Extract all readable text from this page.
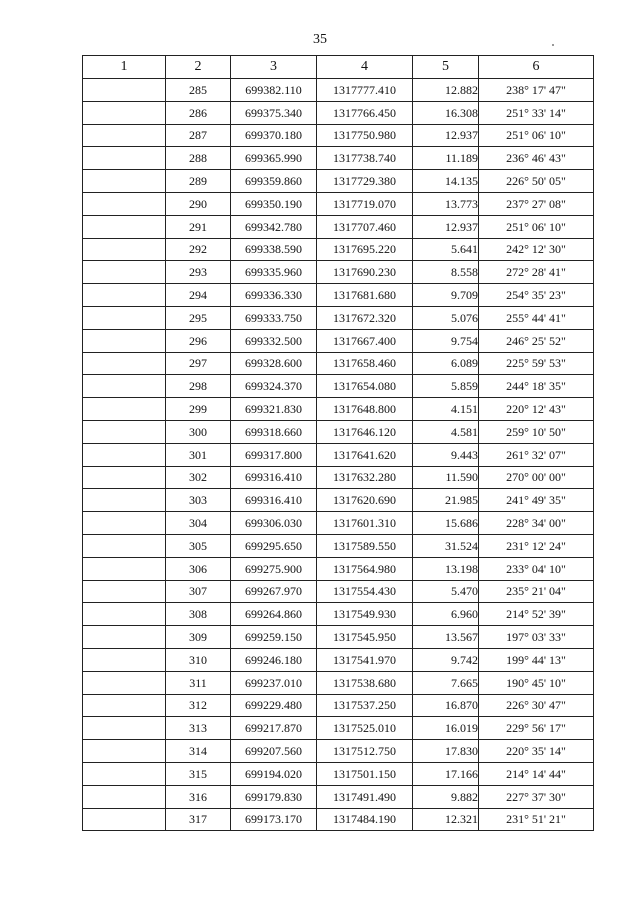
35
1	2	3	4	5	6
	285	699382.110	1317777.410	12.882	238° 17' 47"
	286	699375.340	1317766.450	16.308	251° 33' 14"
	287	699370.180	1317750.980	12.937	251° 06' 10"
	288	699365.990	1317738.740	11.189	236° 46' 43"
	289	699359.860	1317729.380	14.135	226° 50' 05"
	290	699350.190	1317719.070	13.773	237° 27' 08"
	291	699342.780	1317707.460	12.937	251° 06' 10"
	292	699338.590	1317695.220	5.641	242° 12' 30"
	293	699335.960	1317690.230	8.558	272° 28' 41"
	294	699336.330	1317681.680	9.709	254° 35' 23"
	295	699333.750	1317672.320	5.076	255° 44' 41"
	296	699332.500	1317667.400	9.754	246° 25' 52"
	297	699328.600	1317658.460	6.089	225° 59' 53"
	298	699324.370	1317654.080	5.859	244° 18' 35"
	299	699321.830	1317648.800	4.151	220° 12' 43"
	300	699318.660	1317646.120	4.581	259° 10' 50"
	301	699317.800	1317641.620	9.443	261° 32' 07"
	302	699316.410	1317632.280	11.590	270° 00' 00"
	303	699316.410	1317620.690	21.985	241° 49' 35"
	304	699306.030	1317601.310	15.686	228° 34' 00"
	305	699295.650	1317589.550	31.524	231° 12' 24"
	306	699275.900	1317564.980	13.198	233° 04' 10"
	307	699267.970	1317554.430	5.470	235° 21' 04"
	308	699264.860	1317549.930	6.960	214° 52' 39"
	309	699259.150	1317545.950	13.567	197° 03' 33"
	310	699246.180	1317541.970	9.742	199° 44' 13"
	311	699237.010	1317538.680	7.665	190° 45' 10"
	312	699229.480	1317537.250	16.870	226° 30' 47"
	313	699217.870	1317525.010	16.019	229° 56' 17"
	314	699207.560	1317512.750	17.830	220° 35' 14"
	315	699194.020	1317501.150	17.166	214° 14' 44"
	316	699179.830	1317491.490	9.882	227° 37' 30"
	317	699173.170	1317484.190	12.321	231° 51' 21"
